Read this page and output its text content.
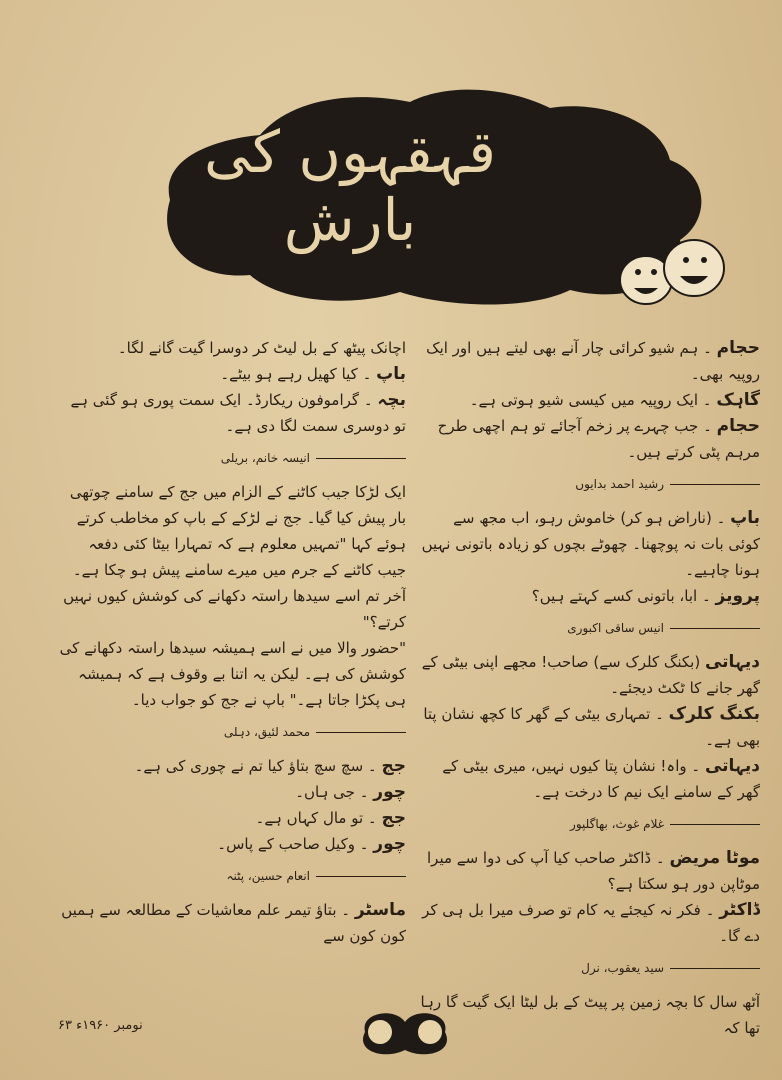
قہقہوں کی بارش
حجام ۔ ہم شیو کرائی چار آنے بھی لیتے ہیں اور ایک روپیہ بھی۔
گاہک ۔ ایک روپیہ میں کیسی شیو ہوتی ہے۔
حجام ۔ جب چہرے پر زخم آجائے تو ہم اچھی طرح مرہم پٹی کرتے ہیں۔
رشید احمد بدایوں
باپ ۔ (ناراض ہو کر) خاموش رہو، اب مجھ سے کوئی بات نہ پوچھنا۔ چھوٹے بچوں کو زیادہ باتونی نہیں ہونا چاہیے۔
پرویز ۔ ابا، باتونی کسے کہتے ہیں؟
انیس ساقی اکبوری
دیہاتی (بکنگ کلرک سے) صاحب! مجھے اپنی بیٹی کے گھر جانے کا ٹکٹ دیجئے۔
بکنگ کلرک ۔ تمہاری بیٹی کے گھر کا کچھ نشان پتا بھی ہے۔
دیہاتی ۔ واہ! نشان پتا کیوں نہیں، میری بیٹی کے گھر کے سامنے ایک نیم کا درخت ہے۔
غلام غوث، بھاگلپور
موٹا مریض ۔ ڈاکٹر صاحب کیا آپ کی دوا سے میرا موٹاپن دور ہو سکتا ہے؟
ڈاکٹر ۔ فکر نہ کیجئے یہ کام تو صرف میرا بل ہی کر دے گا۔
سید یعقوب، نرل
آٹھ سال کا بچہ زمین پر پیٹ کے بل لیٹا ایک گیت گا رہا تھا کہ
اچانک پیٹھ کے بل لیٹ کر دوسرا گیت گانے لگا۔
باپ ۔ کیا کھیل رہے ہو بیٹے۔
بچہ ۔ گراموفون ریکارڈ۔ ایک سمت پوری ہو گئی ہے تو دوسری سمت لگا دی ہے۔
انیسہ خانم، بریلی
ایک لڑکا جیب کاٹنے کے الزام میں جج کے سامنے چوتھی بار پیش کیا گیا۔ جج نے لڑکے کے باپ کو مخاطب کرتے ہوئے کہا "تمہیں معلوم ہے کہ تمہارا بیٹا کئی دفعہ جیب کاٹنے کے جرم میں میرے سامنے پیش ہو چکا ہے۔ آخر تم اسے سیدھا راستہ دکھانے کی کوشش کیوں نہیں کرتے؟"
"حضور والا میں نے اسے ہمیشہ سیدھا راستہ دکھانے کی کوشش کی ہے۔ لیکن یہ اتنا بے وقوف ہے کہ ہمیشہ ہی پکڑا جاتا ہے۔" باپ نے جج کو جواب دیا۔
محمد لئیق، دہلی
جج ۔ سچ سچ بتاؤ کیا تم نے چوری کی ہے۔
چور ۔ جی ہاں۔
جج ۔ تو مال کہاں ہے۔
چور ۔ وکیل صاحب کے پاس۔
انعام حسین، پٹنہ
ماسٹر ۔ بتاؤ تیمر علم معاشیات کے مطالعہ سے ہمیں کون کون سے
نومبر ۱۹۶۰ء ۶۳
